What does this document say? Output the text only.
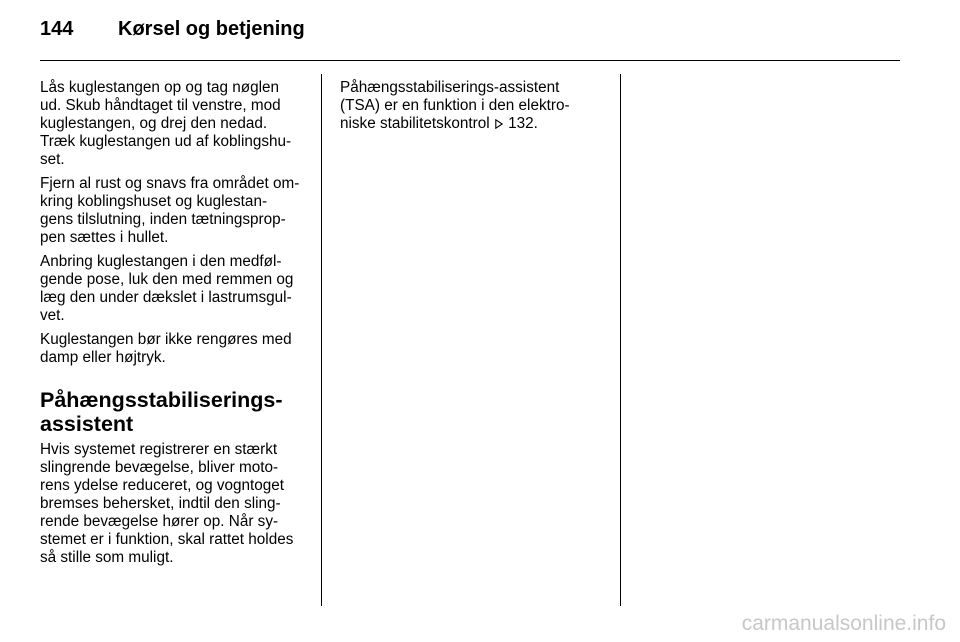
144 Kørsel og betjening

Lås kuglestangen op og tag nøglen
ud. Skub håndtaget til venstre, mod
kuglestangen, og drej den nedad.
Træk kuglestangen ud af koblingshu-
set.

Fjern al rust og snavs fra området om-
kring koblingshuset og kuglestan-
gens tilslutning, inden tætningsprop-
pen sættes i hullet.

Anbring kuglestangen i den medføl-
gende pose, luk den med remmen og
læg den under dækslet i lastrumsgul-
vet.

Kuglestangen bør ikke rengøres med
damp eller højtryk.

Påhængsstabiliserings-
assistent

Hvis systemet registrerer en stærkt
slingrende bevægelse, bliver moto-
rens ydelse reduceret, og vogntoget
bremses behersket, indtil den sling-
rende bevægelse hører op. Når sy-
stemet er i funktion, skal rattet holdes
så stille som muligt.

Påhængsstabiliserings-assistent
(TSA) er en funktion i den elektro-
niske stabilitetskontrol  132.

carmanualsonline.info
